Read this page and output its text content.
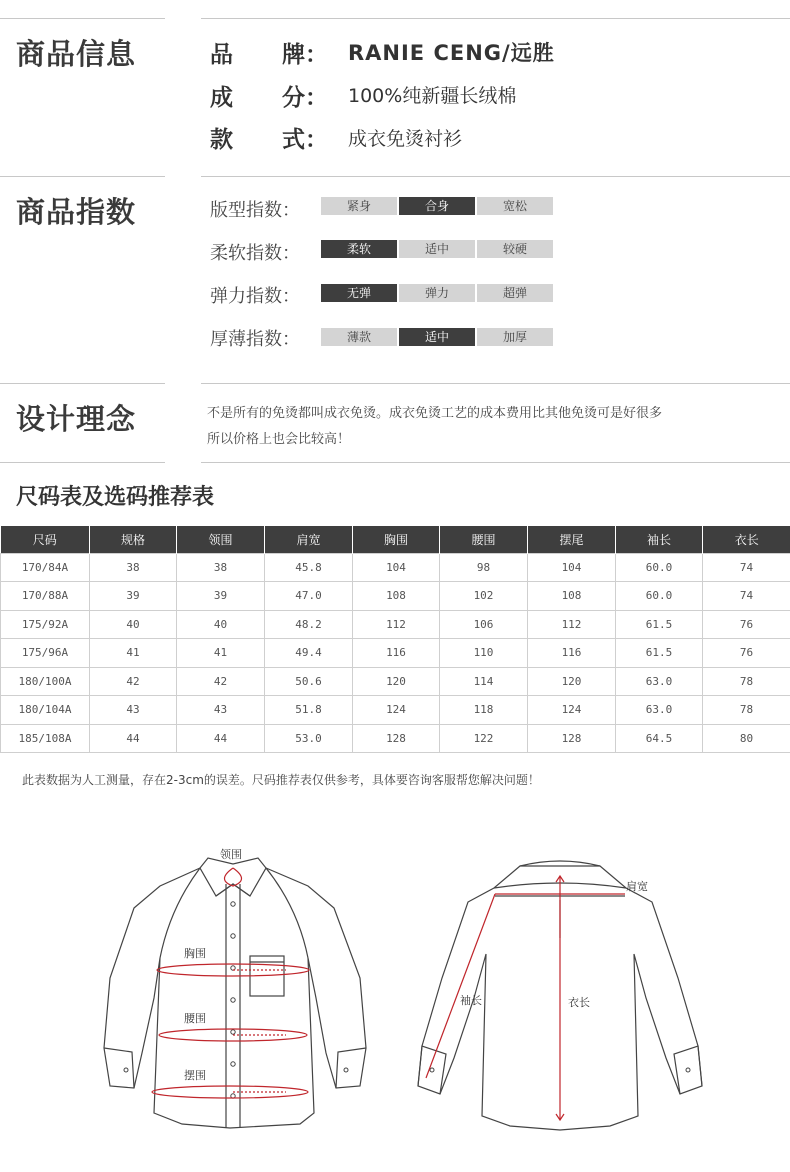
商品信息	品 牌： RANIE CENG/远胜
成 分： 100%纯新疆长绒棉
款 式： 成衣免烫衬衫
商品指数	版型指数：	紧身	合身	宽松
柔软指数：	柔软	适中	较硬
弹力指数：	无弹	弹力	超弹
厚薄指数：	薄款	适中	加厚
设计理念	不是所有的免烫都叫成衣免烫。成衣免烫工艺的成本费用比其他免烫可是好很多
所以价格上也会比较高！
尺码表及选码推荐表
尺码	规格	领围	肩宽	胸围	腰围	摆尾	袖长	衣长
170/84A	38	38	45.8	104	98	104	60.0	74
170/88A	39	39	47.0	108	102	108	60.0	74
175/92A	40	40	48.2	112	106	112	61.5	76
175/96A	41	41	49.4	116	110	116	61.5	76
180/100A	42	42	50.6	120	114	120	63.0	78
180/104A	43	43	51.8	124	118	124	63.0	78
185/108A	44	44	53.0	128	122	128	64.5	80
此表数据为人工测量，存在2-3cm的误差。尺码推荐表仅供参考，具体要咨询客服帮您解决问题！
领围
胸围
腰围
摆围
肩宽
袖长	衣长
